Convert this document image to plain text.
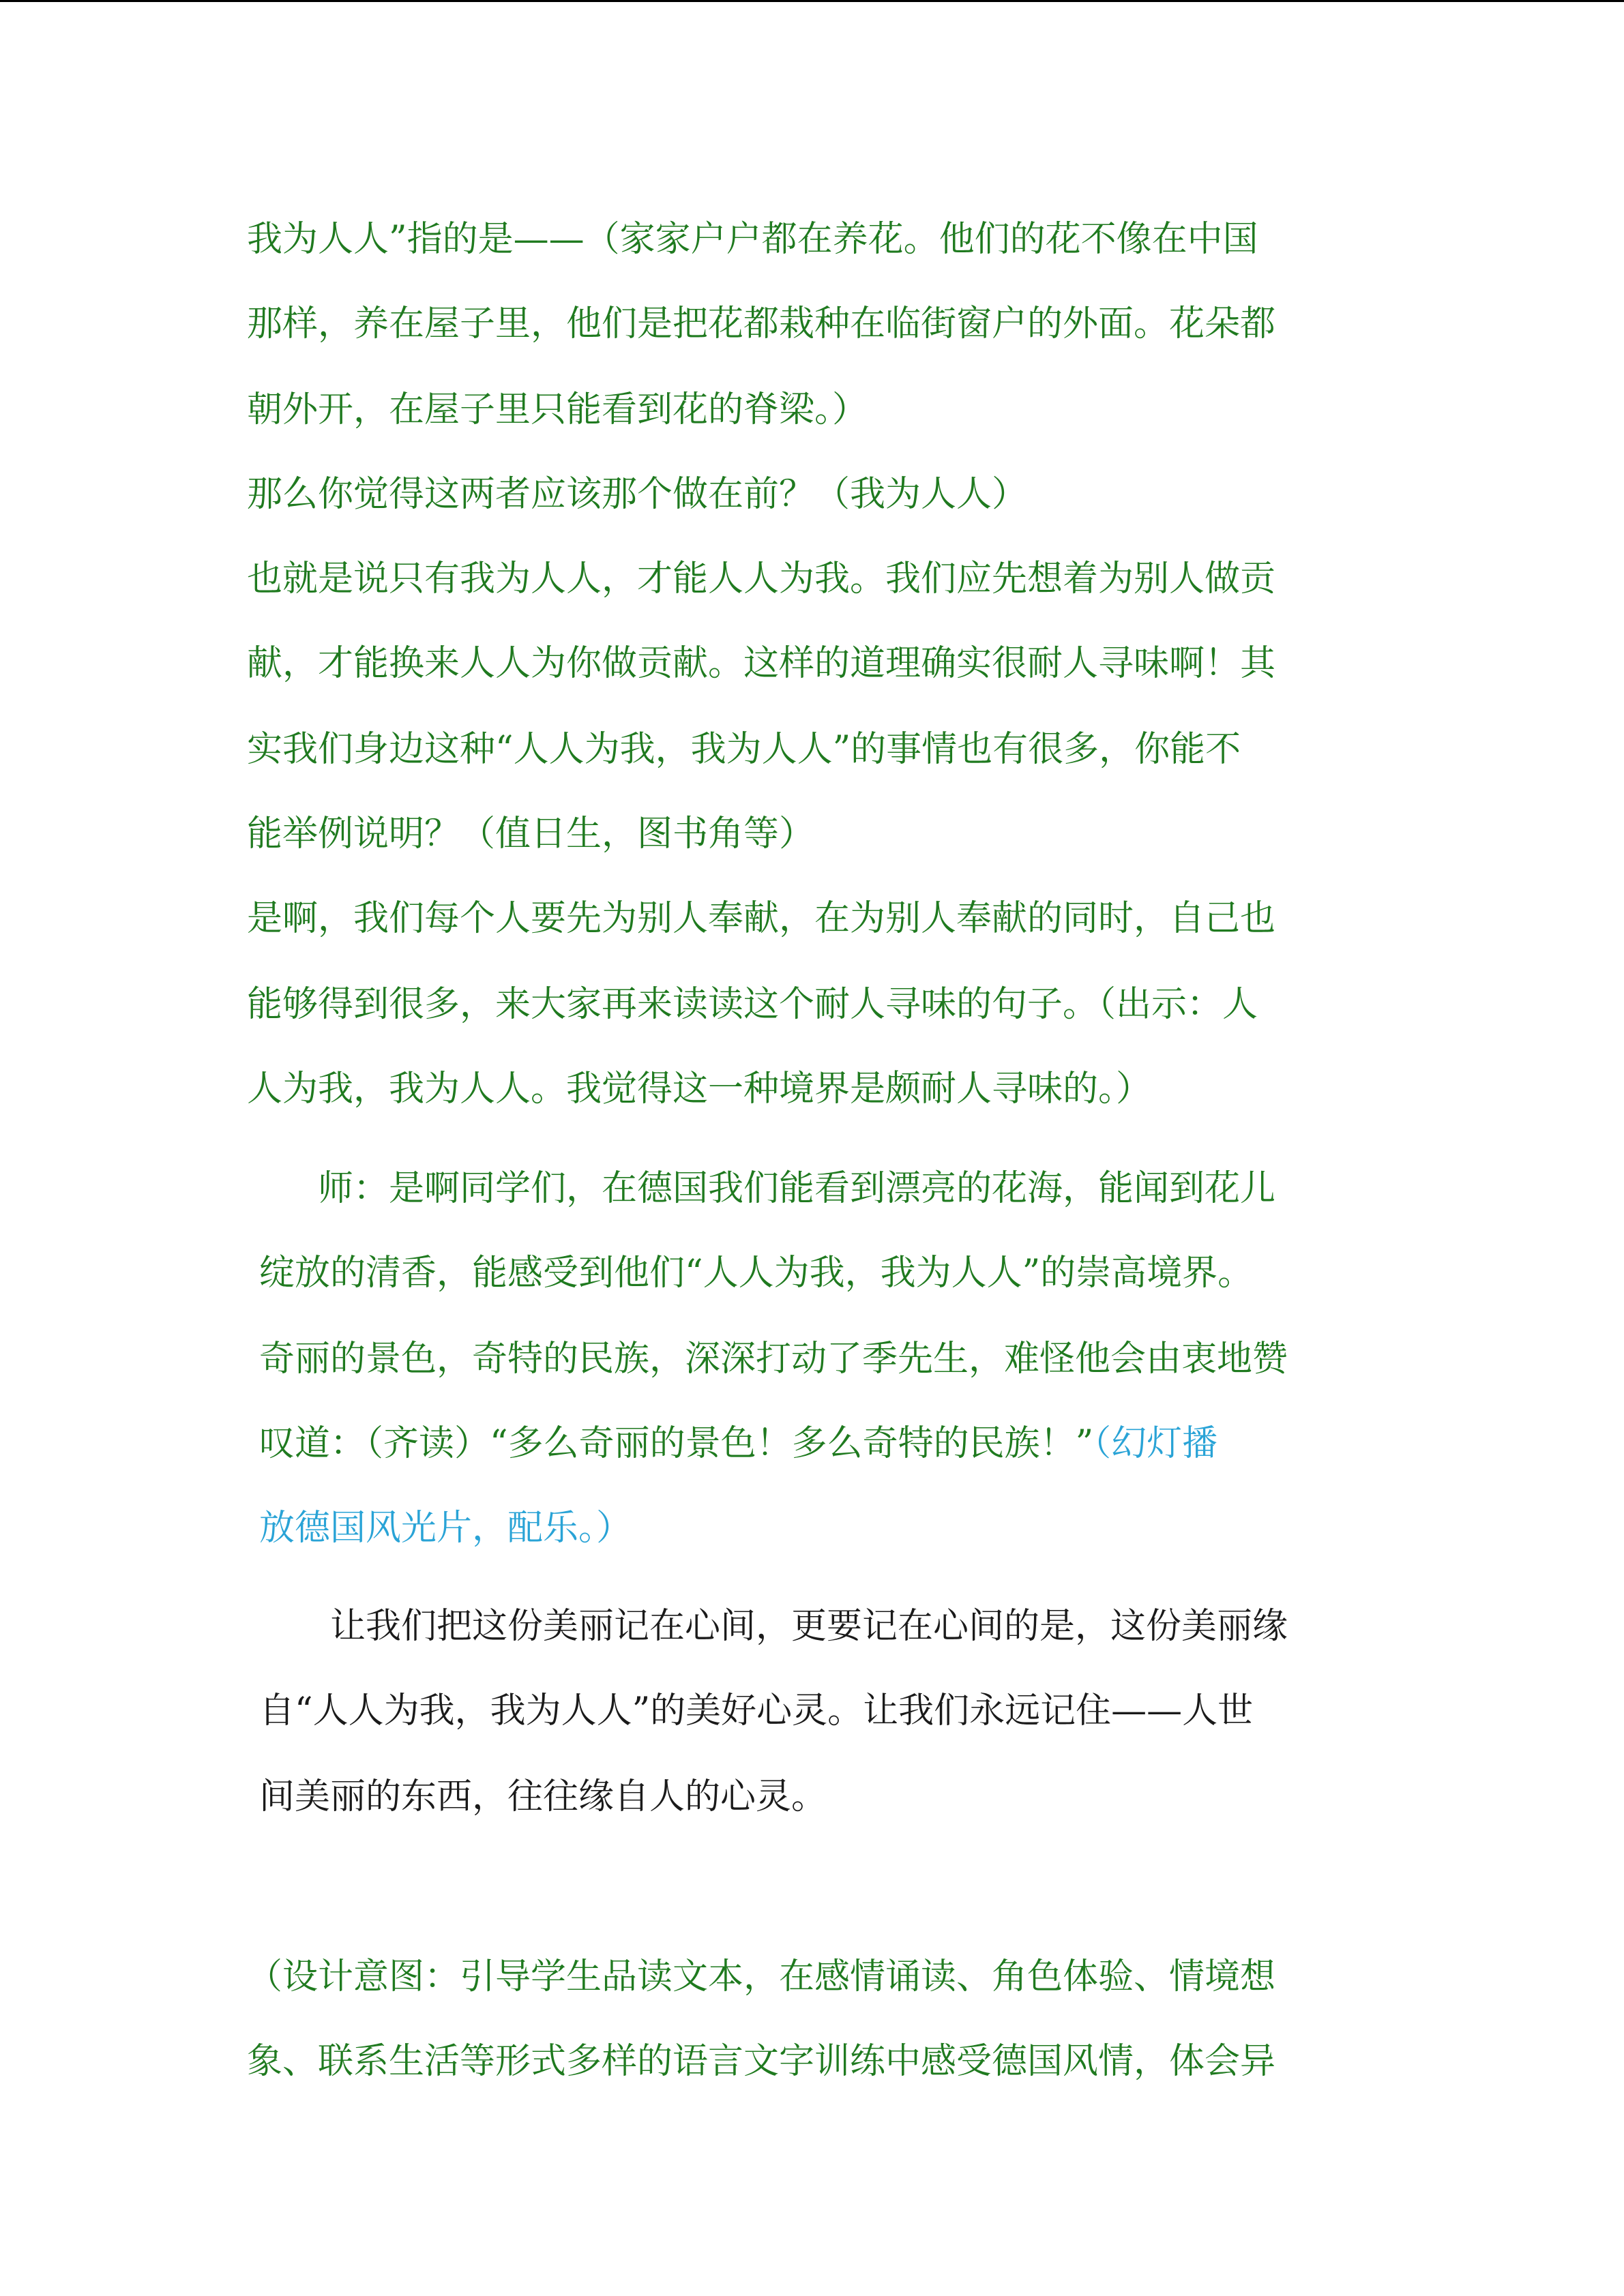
我为人人”指的是——（家家户户都在养花。他们的花不像在中国

那样，养在屋子里，他们是把花都栽种在临街窗户的外面。花朵都

朝外开，在屋子里只能看到花的脊梁。）

那么你觉得这两者应该那个做在前？（我为人人）

也就是说只有我为人人，才能人人为我。我们应先想着为别人做贡

献，才能换来人人为你做贡献。这样的道理确实很耐人寻味啊！其

实我们身边这种“人人为我，我为人人”的事情也有很多，你能不

能举例说明？（值日生，图书角等）

是啊，我们每个人要先为别人奉献，在为别人奉献的同时，自己也

能够得到很多，来大家再来读读这个耐人寻味的句子。（出示：人

人为我，我为人人。我觉得这一种境界是颇耐人寻味的。）

　　师：是啊同学们，在德国我们能看到漂亮的花海，能闻到花儿

绽放的清香，能感受到他们“人人为我，我为人人”的崇高境界。

奇丽的景色，奇特的民族，深深打动了季先生，难怪他会由衷地赞

叹道：（齐读）“多么奇丽的景色！多么奇特的民族！”（幻灯播

放德国风光片，配乐。）

　　让我们把这份美丽记在心间，更要记在心间的是，这份美丽缘

自“人人为我，我为人人”的美好心灵。让我们永远记住——人世

间美丽的东西，往往缘自人的心灵。

（设计意图：引导学生品读文本，在感情诵读、角色体验、情境想

象、联系生活等形式多样的语言文字训练中感受德国风情，体会异
